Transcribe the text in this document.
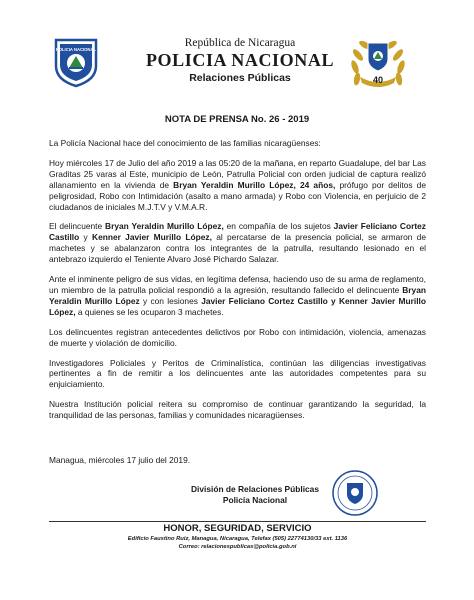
POLICIA NACIONAL
República de Nicaragua
POLICIA NACIONAL
Relaciones Públicas	40
NOTA DE PRENSA No. 26 - 2019

La Policía Nacional hace del conocimiento de las familias nicaragüenses:

Hoy miércoles 17 de Julio del año 2019 a las 05:20 de la mañana, en reparto Guadalupe, del bar Las Graditas 25 varas al Este, municipio de León, Patrulla Policial con orden judicial de captura realizó allanamiento en la vivienda de Bryan Yeraldin Murillo López, 24 años, prófugo por delitos de peligrosidad, Robo con Intimidación (asalto a mano armada) y Robo con Violencia, en perjuicio de 2 ciudadanos de iniciales M.J.T.V y V.M.A.R.

El delincuente Bryan Yeraldin Murillo López, en compañía de los sujetos Javier Feliciano Cortez Castillo y Kenner Javier Murillo López, al percatarse de la presencia policial, se armaron de machetes y se abalanzaron contra los integrantes de la patrulla, resultando lesionado en el antebrazo izquierdo el Teniente Alvaro José Pichardo Salazar.

Ante el inminente peligro de sus vidas, en legítima defensa, haciendo uso de su arma de reglamento, un miembro de la patrulla policial respondió a la agresión, resultando fallecido el delincuente Bryan Yeraldin Murillo López y con lesiones Javier Feliciano Cortez Castillo y Kenner Javier Murillo López, a quienes se les ocuparon 3 machetes.

Los delincuentes registran antecedentes delictivos por Robo con intimidación, violencia, amenazas de muerte y violación de domicilio.

Investigadores Policiales y Peritos de Criminalística, continúan las diligencias investigativas pertinentes a fin de remitir a los delincuentes ante las autoridades competentes para su enjuiciamiento.

Nuestra Institución policial reitera su compromiso de continuar garantizando la seguridad, la tranquilidad de las personas, familias y comunidades nicaragüenses.

Managua, miércoles 17 julio del 2019.
División de Relaciones Públicas
Policía Nacional
HONOR, SEGURIDAD, SERVICIO
Edificio Faustino Ruiz, Managua, Nicaragua, Telefax (505) 22774130/33 ext. 1136
Correo: relacionespublicas@policia.gob.ni
